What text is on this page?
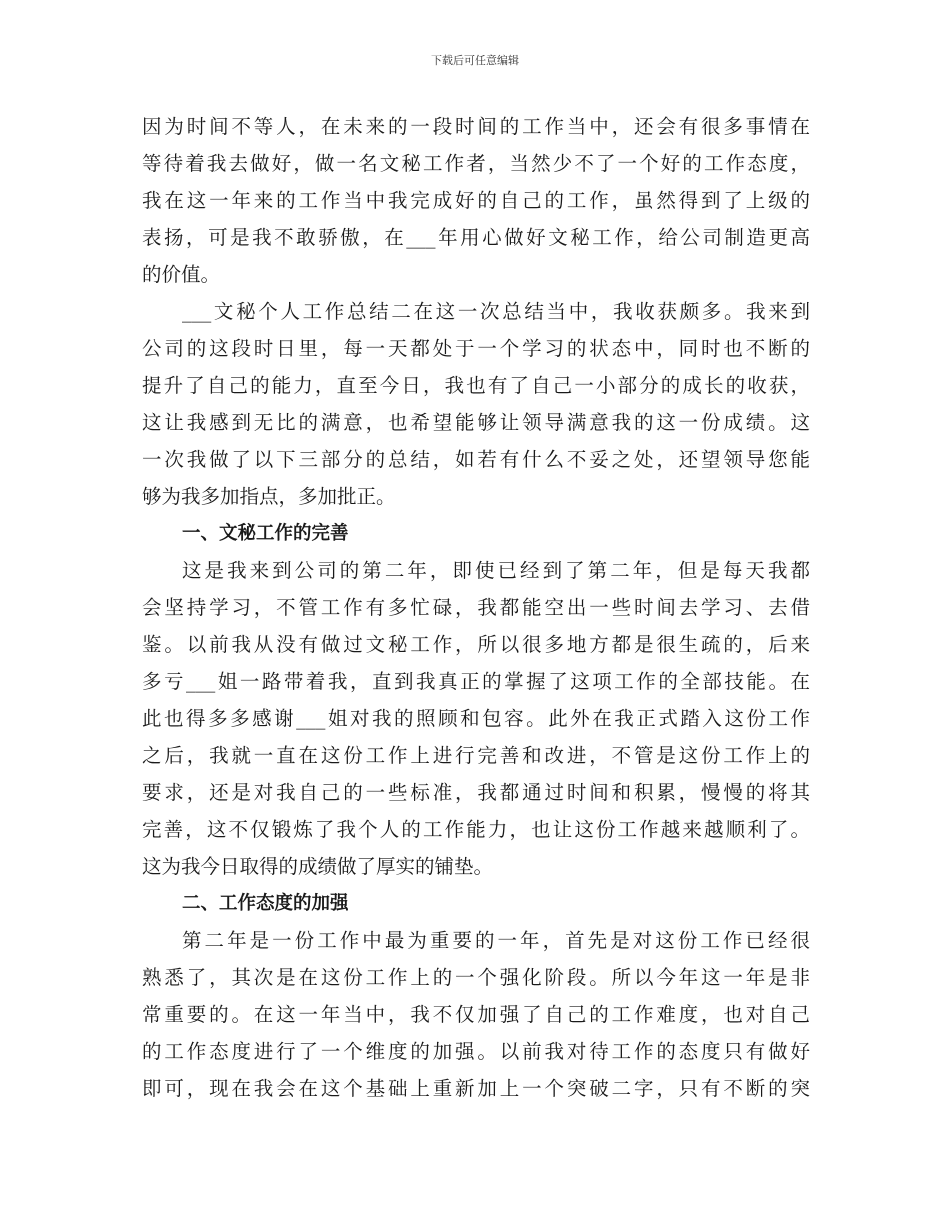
下载后可任意编辑
因为时间不等人，在未来的一段时间的工作当中，还会有很多事情在
等待着我去做好，做一名文秘工作者，当然少不了一个好的工作态度，
我在这一年来的工作当中我完成好的自己的工作，虽然得到了上级的
表扬，可是我不敢骄傲，在___年用心做好文秘工作，给公司制造更高
的价值。
___文秘个人工作总结二在这一次总结当中，我收获颇多。我来到
公司的这段时日里，每一天都处于一个学习的状态中，同时也不断的
提升了自己的能力，直至今日，我也有了自己一小部分的成长的收获，
这让我感到无比的满意，也希望能够让领导满意我的这一份成绩。这
一次我做了以下三部分的总结，如若有什么不妥之处，还望领导您能
够为我多加指点，多加批正。
一、文秘工作的完善
这是我来到公司的第二年，即使已经到了第二年，但是每天我都
会坚持学习，不管工作有多忙碌，我都能空出一些时间去学习、去借
鉴。以前我从没有做过文秘工作，所以很多地方都是很生疏的，后来
多亏___姐一路带着我，直到我真正的掌握了这项工作的全部技能。在
此也得多多感谢___姐对我的照顾和包容。此外在我正式踏入这份工作
之后，我就一直在这份工作上进行完善和改进，不管是这份工作上的
要求，还是对我自己的一些标准，我都通过时间和积累，慢慢的将其
完善，这不仅锻炼了我个人的工作能力，也让这份工作越来越顺利了。
这为我今日取得的成绩做了厚实的铺垫。
二、工作态度的加强
第二年是一份工作中最为重要的一年，首先是对这份工作已经很
熟悉了，其次是在这份工作上的一个强化阶段。所以今年这一年是非
常重要的。在这一年当中，我不仅加强了自己的工作难度，也对自己
的工作态度进行了一个维度的加强。以前我对待工作的态度只有做好
即可，现在我会在这个基础上重新加上一个突破二字，只有不断的突
